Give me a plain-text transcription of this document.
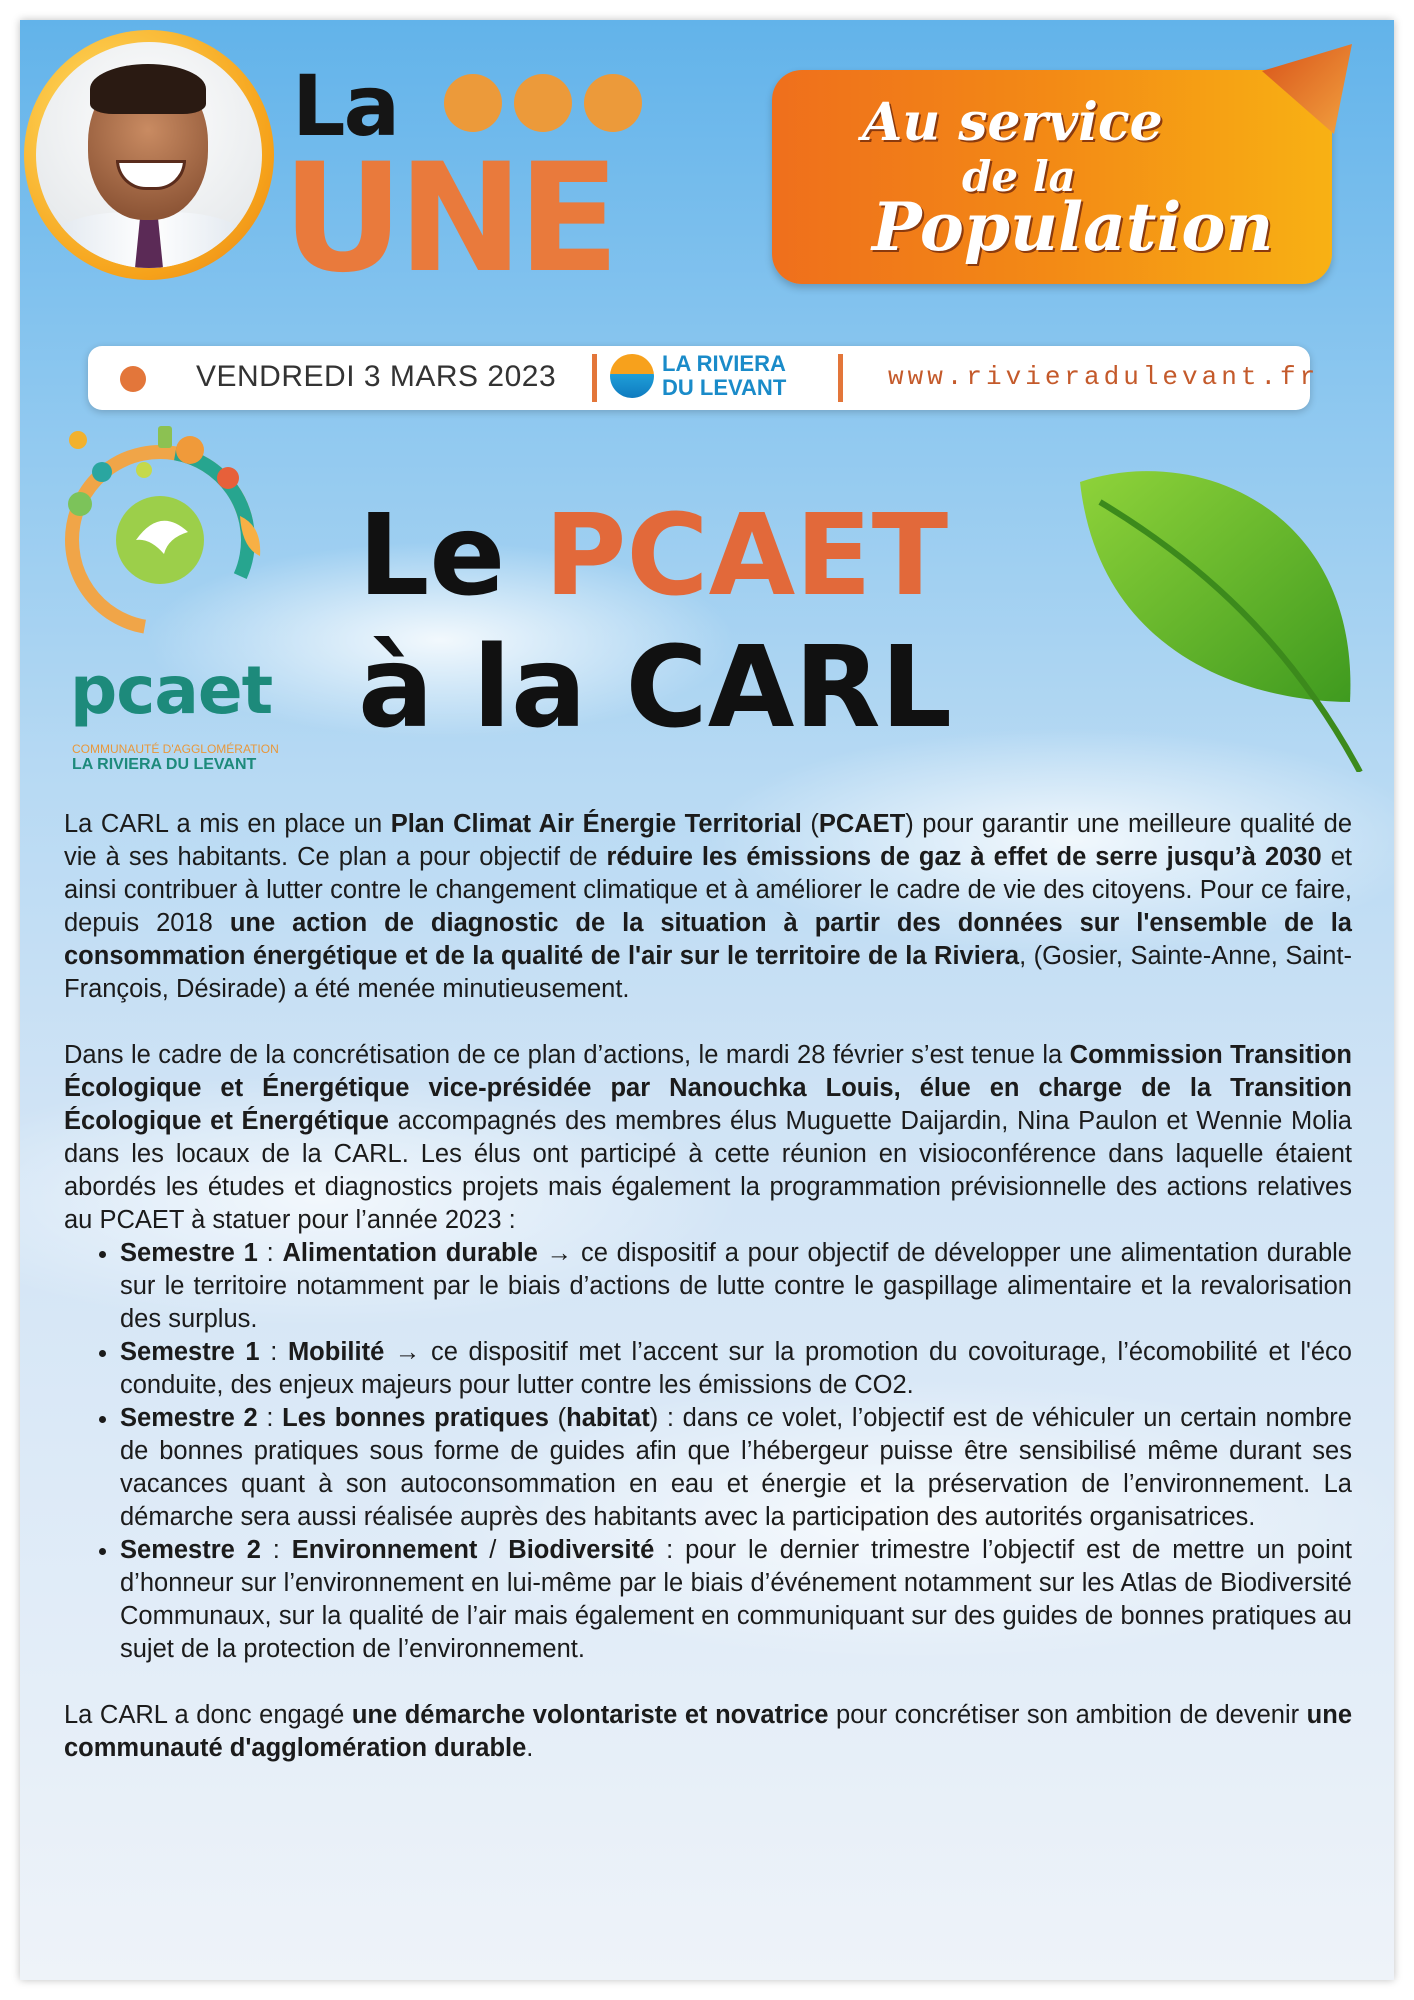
La
UNE
Au service
de la
Population
VENDREDI 3 MARS 2023	LA RIVIERA
DU LEVANT	www.rivieradulevant.fr
pcaet
COMMUNAUTÉ D'AGGLOMÉRATION
LA RIVIERA DU LEVANT
Le PCAET
à la CARL

La CARL a mis en place un Plan Climat Air Énergie Territorial (PCAET) pour garantir une meilleure qualité de vie à ses habitants. Ce plan a pour objectif de réduire les émissions de gaz à effet de serre jusqu’à 2030 et ainsi contribuer à lutter contre le changement climatique et à améliorer le cadre de vie des citoyens. Pour ce faire, depuis 2018 une action de diagnostic de la situation à partir des données sur l'ensemble de la consommation énergétique et de la qualité de l'air sur le territoire de la Riviera, (Gosier, Sainte-Anne, Saint-François, Désirade) a été menée minutieusement.

Dans le cadre de la concrétisation de ce plan d’actions, le mardi 28 février s’est tenue la Commission Transition Écologique et Énergétique vice-présidée par Nanouchka Louis, élue en charge de la Transition Écologique et Énergétique accompagnés des membres élus Muguette Daijardin, Nina Paulon et Wennie Molia dans les locaux de la CARL. Les élus ont participé à cette réunion en visioconférence dans laquelle étaient abordés les études et diagnostics projets mais également la programmation prévisionnelle des actions relatives au PCAET à statuer pour l’année 2023 :

• Semestre 1 : Alimentation durable → ce dispositif a pour objectif de développer une alimentation durable sur le territoire notamment par le biais d’actions de lutte contre le gaspillage alimentaire et la revalorisation des surplus.
• Semestre 1 : Mobilité → ce dispositif met l’accent sur la promotion du covoiturage, l’écomobilité et l'éco conduite, des enjeux majeurs pour lutter contre les émissions de CO2.
• Semestre 2 : Les bonnes pratiques (habitat) : dans ce volet, l’objectif est de véhiculer un certain nombre de bonnes pratiques sous forme de guides afin que l’hébergeur puisse être sensibilisé même durant ses vacances quant à son autoconsommation en eau et énergie et la préservation de l’environnement. La démarche sera aussi réalisée auprès des habitants avec la participation des autorités organisatrices.
• Semestre 2 : Environnement / Biodiversité : pour le dernier trimestre l’objectif est de mettre un point d’honneur sur l’environnement en lui-même par le biais d’événement notamment sur les Atlas de Biodiversité Communaux, sur la qualité de l’air mais également en communiquant sur des guides de bonnes pratiques au sujet de la protection de l’environnement.

La CARL a donc engagé une démarche volontariste et novatrice pour concrétiser son ambition de devenir une communauté d'agglomération durable.
